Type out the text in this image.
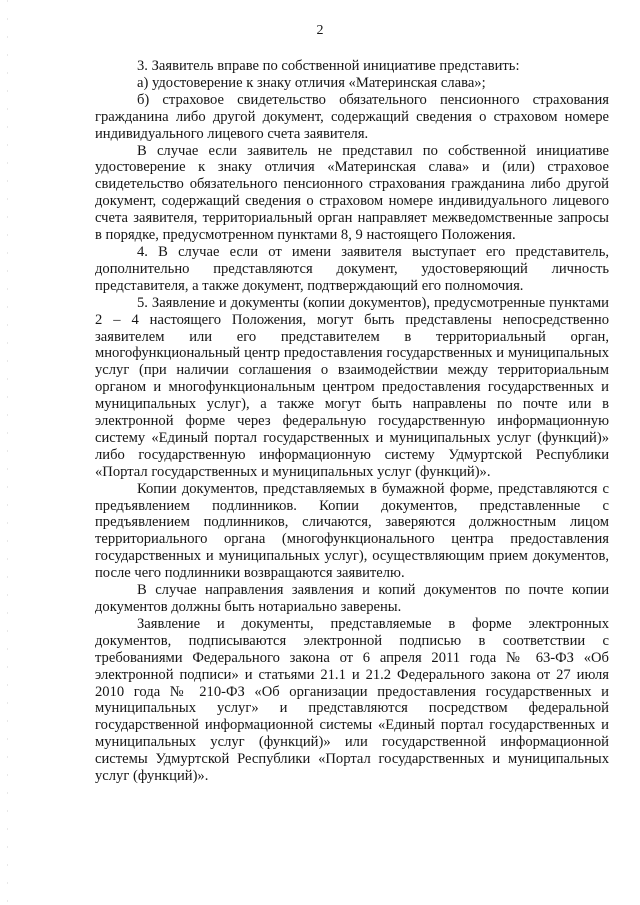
2

3. Заявитель вправе по собственной инициативе представить:

а) удостоверение к знаку отличия «Материнская слава»;

б) страховое свидетельство обязательного пенсионного страхования гражданина либо другой документ, содержащий сведения о страховом номере индивидуального лицевого счета заявителя.

В случае если заявитель не представил по собственной инициативе удостоверение к знаку отличия «Материнская слава» и (или) страховое свидетельство обязательного пенсионного страхования гражданина либо другой документ, содержащий сведения о страховом номере индивидуального лицевого счета заявителя, территориальный орган направляет межведомственные запросы в порядке, предусмотренном пунктами 8, 9 настоящего Положения.

4. В случае если от имени заявителя выступает его представитель, дополнительно представляются документ, удостоверяющий личность представителя, а также документ, подтверждающий его полномочия.

5. Заявление и документы (копии документов), предусмотренные пунктами 2 – 4 настоящего Положения, могут быть представлены непосредственно заявителем или его представителем в территориальный орган, многофункциональный центр предоставления государственных и муниципальных услуг (при наличии соглашения о взаимодействии между территориальным органом и многофункциональным центром предоставления государственных и муниципальных услуг), а также могут быть направлены по почте или в электронной форме через федеральную государственную информационную систему «Единый портал государственных и муниципальных услуг (функций)» либо государственную информационную систему Удмуртской Республики «Портал государственных и муниципальных услуг (функций)».

Копии документов, представляемых в бумажной форме, представляются с предъявлением подлинников. Копии документов, представленные с предъявлением подлинников, сличаются, заверяются должностным лицом территориального органа (многофункционального центра предоставления государственных и муниципальных услуг), осуществляющим прием документов, после чего подлинники возвращаются заявителю.

В случае направления заявления и копий документов по почте копии документов должны быть нотариально заверены.

Заявление и документы, представляемые в форме электронных документов, подписываются электронной подписью в соответствии с требованиями Федерального закона от 6 апреля 2011 года № 63-ФЗ «Об электронной подписи» и статьями 21.1 и 21.2 Федерального закона от 27 июля 2010 года № 210-ФЗ «Об организации предоставления государственных и муниципальных услуг» и представляются посредством федеральной государственной информационной системы «Единый портал государственных и муниципальных услуг (функций)» или государственной информационной системы Удмуртской Республики «Портал государственных и муниципальных услуг (функций)».
